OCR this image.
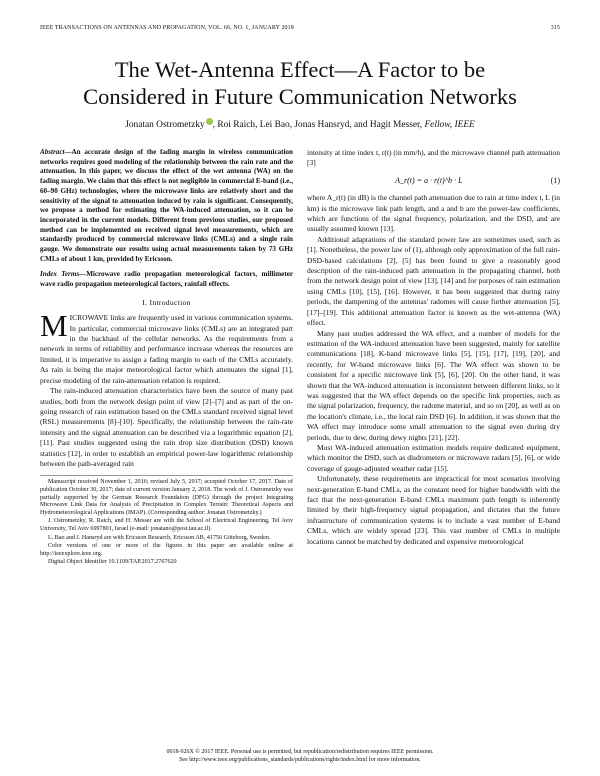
IEEE TRANSACTIONS ON ANTENNAS AND PROPAGATION, VOL. 66, NO. 1, JANUARY 2018	315
The Wet-Antenna Effect—A Factor to be
Considered in Future Communication Networks
Jonatan Ostrometzky , Roi Raich, Lei Bao, Jonas Hansryd, and Hagit Messer, Fellow, IEEE

Abstract—An accurate design of the fading margin in wireless communication networks requires good modeling of the relationship between the rain rate and the attenuation. In this paper, we discuss the effect of the wet antenna (WA) on the fading margin. We claim that this effect is not negligible in commercial E-band (i.e., 60–90 GHz) technologies, where the microwave links are relatively short and the sensitivity of the signal to attenuation induced by rain is significant. Consequently, we propose a method for estimating the WA-induced attenuation, so it can be incorporated in the current models. Different from previous studies, our proposed method can be implemented on received signal level measurements, which are standardly produced by commercial microwave links (CMLs) and a single rain gauge. We demonstrate our results using actual measurements taken by 73 GHz CMLs of about 1 km, provided by Ericsson.

Index Terms—Microwave radio propagation meteorological factors, millimeter wave radio propagation meteorological factors, rainfall effects.

I. Introduction

MICROWAVE links are frequently used in various communication systems. In particular, commercial microwave links (CMLs) are an integrated part in the backhaul of the cellular networks. As the requirements from a network in terms of reliability and performance increase whereas the resources are limited, it is imperative to assign a fading margin to each of the CMLs accurately. As rain is being the major meteorological factor which attenuates the signal [1], precise modeling of the rain-attenuation relation is required.

The rain-induced attenuation characteristics have been the source of many past studies, both from the network design point of view [2]–[7] and as part of the on-going research of rain estimation based on the CMLs standard received signal level (RSL) measurements [8]–[10]. Specifically, the relationship between the rain-rate intensity and the signal attenuation can be described via a logarithmic equation [2], [11]. Past studies suggested using the rain drop size distribution (DSD) known statistics [12], in order to establish an empirical power-law logarithmic relationship between the path-averaged rain

Manuscript received November 1, 2016; revised July 5, 2017; accepted October 17, 2017. Date of publication October 30, 2017; date of current version January 2, 2018. The work of J. Ostrometzky was partially supported by the German Research Foundation (DFG) through the project Integrating Microwave Link Data for Analysis of Precipitation in Complex Terrain: Theoretical Aspects and Hydrometeorological Applications (IMAP). (Corresponding author: Jonatan Ostrometzky.)

J. Ostrometzky, R. Raich, and H. Messer are with the School of Electrical Engineering, Tel Aviv University, Tel Aviv 6997801, Israel (e-mail: jonatano@post.tau.ac.il).

L. Bao and J. Hansryd are with Ericsson Research, Ericsson AB, 41756 Göteborg, Sweden.

Color versions of one or more of the figures in this paper are available online at http://ieeexplore.ieee.org.

Digital Object Identifier 10.1109/TAP.2017.2767620

intensity at time index t, r(t) (in mm/h), and the microwave channel path attenuation [3]

A_r(t) = a · r(t)^b · L	(1)

where A_r(t) (in dB) is the channel path attenuation due to rain at time index t, L (in km) is the microwave link path length, and a and b are the power-law coefficients, which are functions of the signal frequency, polarization, and the DSD, and are usually assumed known [13].

Additional adaptations of the standard power law are sometimes used, such as [1]. Nonetheless, the power law of (1), although only approximation of the full rain-DSD-based calculations [2], [5] has been found to give a reasonably good description of the rain-induced path attenuation in the propagating channel, both from the network design point of view [13], [14] and for purposes of rain estimation using CMLs [10], [15], [16]. However, it has been suggested that during rainy periods, the dampening of the antennas' radomes will cause further attenuation [5], [17]–[19]. This additional attenuation factor is known as the wet-antenna (WA) effect.

Many past studies addressed the WA effect, and a number of models for the estimation of the WA-induced attenuation have been suggested, mainly for satellite communications [18], K-band microwave links [5], [15], [17], [19], [20], and recently, for W-band microwave links [6]. The WA effect was shown to be consistent for a specific microwave link [5], [6], [20]. On the other hand, it was shown that the WA-induced attenuation is inconsistent between different links, so it was suggested that the WA effect depends on the specific link properties, such as the signal polarization, frequency, the radome material, and so on [20], as well as on the location's climate, i.e., the local rain DSD [6]. In addition, it was shown that the WA effect may introduce some small attenuation to the signal even during dry periods, due to dew, during dewy nights [21], [22].

Most WA-induced attenuation estimation models require dedicated equipment, which monitor the DSD, such as disdrometers or microwave radars [5], [6], or wide coverage of gauge-adjusted weather radar [15].

Unfortunately, these requirements are impractical for most scenarios involving next-generation E-band CMLs, as the constant need for higher bandwidth with the fact that the next-generation E-band CMLs maximum path length is inherently limited by their high-frequency signal propagation, and dictates that the future infrastructure of communication systems is to include a vast number of E-band CMLs, which are widely spread [23]. This vast number of CMLs in multiple locations cannot be matched by dedicated and expensive meteorological

0018-926X © 2017 IEEE. Personal use is permitted, but republication/redistribution requires IEEE permission.
See http://www.ieee.org/publications_standards/publications/rights/index.html for more information.
